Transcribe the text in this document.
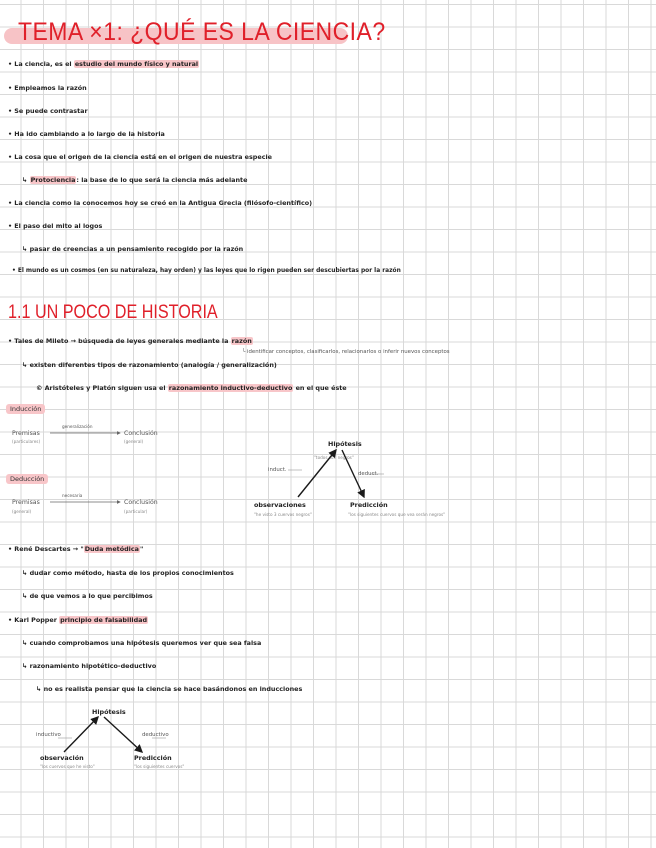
TEMA ×1: ¿QUÉ ES LA CIENCIA?
• La ciencia, es el estudio del mundo físico y natural
• Empleamos la razón
• Se puede contrastar
• Ha ido cambiando a lo largo de la historia
• La cosa que el origen de la ciencia está en el origen de nuestra especie
↳ Protociencia: la base de lo que será la ciencia más adelante
• La ciencia como la conocemos hoy se creó en la Antigua Grecia (filósofo-científico)
• El paso del mito al logos
↳ pasar de creencias a un pensamiento recogido por la razón
• El mundo es un cosmos (en su naturaleza, hay orden) y las leyes que lo rigen pueden ser descubiertas por la razón
1.1 UN POCO DE HISTORIA
• Tales de Mileto → búsqueda de leyes generales mediante la razón
└ identificar conceptos, clasificarlos, relacionarlos o inferir nuevos conceptos
↳ existen diferentes tipos de razonamiento (analogía / generalización)
© Aristóteles y Platón siguen usa el razonamiento inductivo-deductivo en el que éste
Inducción
Premisas
(particulares)
generalización
Conclusión
(general)
Deducción
Premisas
(general)
necesaria
Conclusión
(particular)
Hipótesis
"todos son negros"
induct.
deduct.
observaciones
"he visto 3 cuervos negros"
Predicción
"los siguientes cuervos que vea serán negros"
• René Descartes → "Duda metódica"
↳ dudar como método, hasta de los propios conocimientos
↳ de que vemos a lo que percibimos
• Karl Popper principio de falsabilidad
↳ cuando comprobamos una hipótesis queremos ver que sea falsa
↳ razonamiento hipotético-deductivo
↳ no es realista pensar que la ciencia se hace basándonos en inducciones
Hipótesis
inductivo	deductivo
observación
"los cuervos que he visto"
Predicción
"los siguientes cuervos"
